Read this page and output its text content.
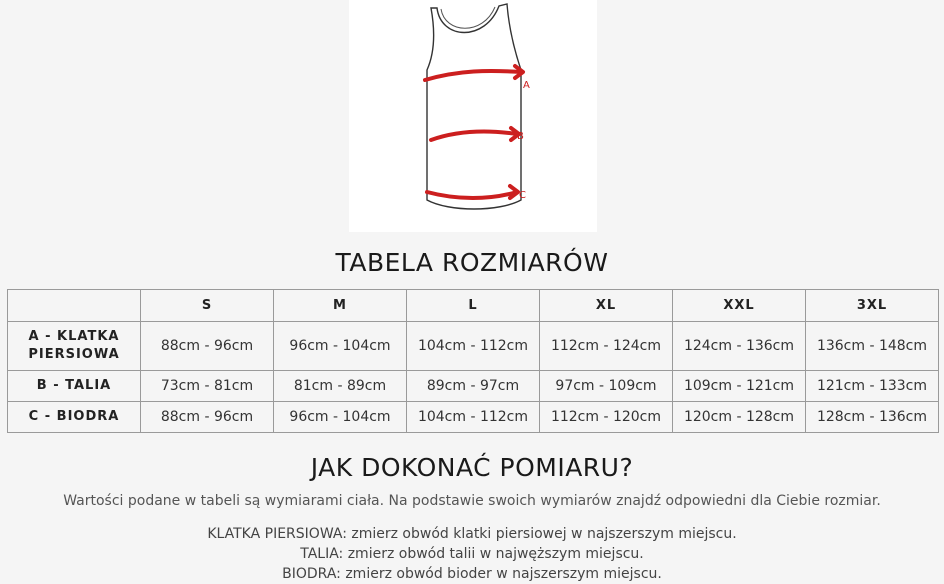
A
B
C
TABELA ROZMIARÓW
	S	M	L	XL	XXL	3XL

A - KLATKA
PIERSIOWA	88cm - 96cm	96cm - 104cm	104cm - 112cm	112cm - 124cm	124cm - 136cm	136cm - 148cm
B - TALIA	73cm - 81cm	81cm - 89cm	89cm - 97cm	97cm - 109cm	109cm - 121cm	121cm - 133cm
C - BIODRA	88cm - 96cm	96cm - 104cm	104cm - 112cm	112cm - 120cm	120cm - 128cm	128cm - 136cm
JAK DOKONAĆ POMIARU?
Wartości podane w tabeli są wymiarami ciała. Na podstawie swoich wymiarów znajdź odpowiedni dla Ciebie rozmiar.
KLATKA PIERSIOWA: zmierz obwód klatki piersiowej w najszerszym miejscu.
TALIA: zmierz obwód talii w najwęższym miejscu.
BIODRA: zmierz obwód bioder w najszerszym miejscu.
